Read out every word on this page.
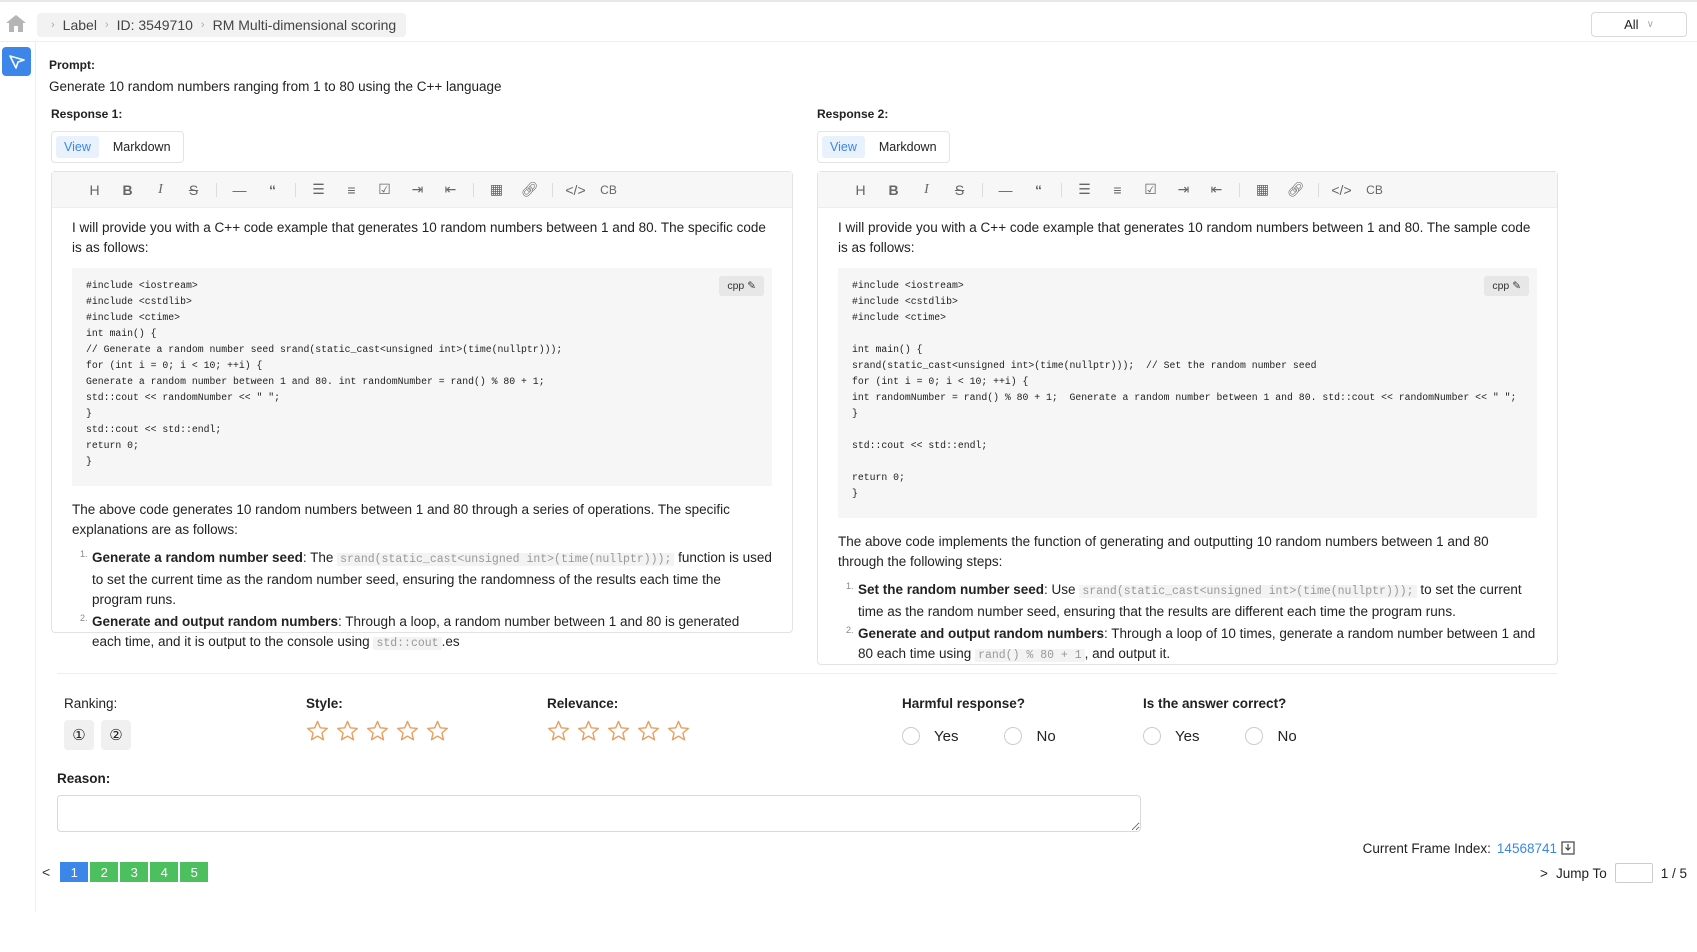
› Label › ID: 3549710 › RM Multi-dimensional scoring	All ∨
Prompt:
Generate 10 random numbers ranging from 1 to 80 using the C++ language
Response 1:
View	Markdown
H	B	I	S	—	“	☰	≡	☑	⇥	⇤	▦	🔗︎	</>	CB
I will provide you with a C++ code example that generates 10 random numbers between 1 and 80. The specific code is as follows:
cpp ✎
#include <iostream>
#include <cstdlib>
#include <ctime>
int main() {
// Generate a random number seed srand(static_cast<unsigned int>(time(nullptr)));
for (int i = 0; i < 10; ++i) {
Generate a random number between 1 and 80. int randomNumber = rand() % 80 + 1;
std::cout << randomNumber << " ";
}
std::cout << std::endl;
return 0;
}
The above code generates 10 random numbers between 1 and 80 through a series of operations. The specific explanations are as follows:
1. Generate a random number seed: The srand(static_cast<unsigned int>(time(nullptr))); function is used to set the current time as the random number seed, ensuring the randomness of the results each time the program runs.
2. Generate and output random numbers: Through a loop, a random number between 1 and 80 is generated each time, and it is output to the console using std::cout .es
Response 2:
View	Markdown
H	B	I	S	—	“	☰	≡	☑	⇥	⇤	▦	🔗︎	</>	CB
I will provide you with a C++ code example that generates 10 random numbers between 1 and 80. The sample code is as follows:
cpp ✎
#include <iostream>
#include <cstdlib>
#include <ctime>

int main() {
srand(static_cast<unsigned int>(time(nullptr)));  // Set the random number seed
for (int i = 0; i < 10; ++i) {
int randomNumber = rand() % 80 + 1;  Generate a random number between 1 and 80. std::cout << randomNumber << " ";
}

std::cout << std::endl;

return 0;
}
The above code implements the function of generating and outputting 10 random numbers between 1 and 80 through the following steps:
1. Set the random number seed: Use srand(static_cast<unsigned int>(time(nullptr))); to set the current time as the random number seed, ensuring that the results are different each time the program runs.
2. Generate and output random numbers: Through a loop of 10 times, generate a random number between 1 and 80 each time using rand() % 80 + 1 , and output it.
Ranking:
①	②
Style:	Relevance:	Harmful response?
Yes	No
Is the answer correct?
Yes	No
Reason:
Current Frame Index: 14568741
<	1	2	3	4	5	> Jump To	1 / 5
